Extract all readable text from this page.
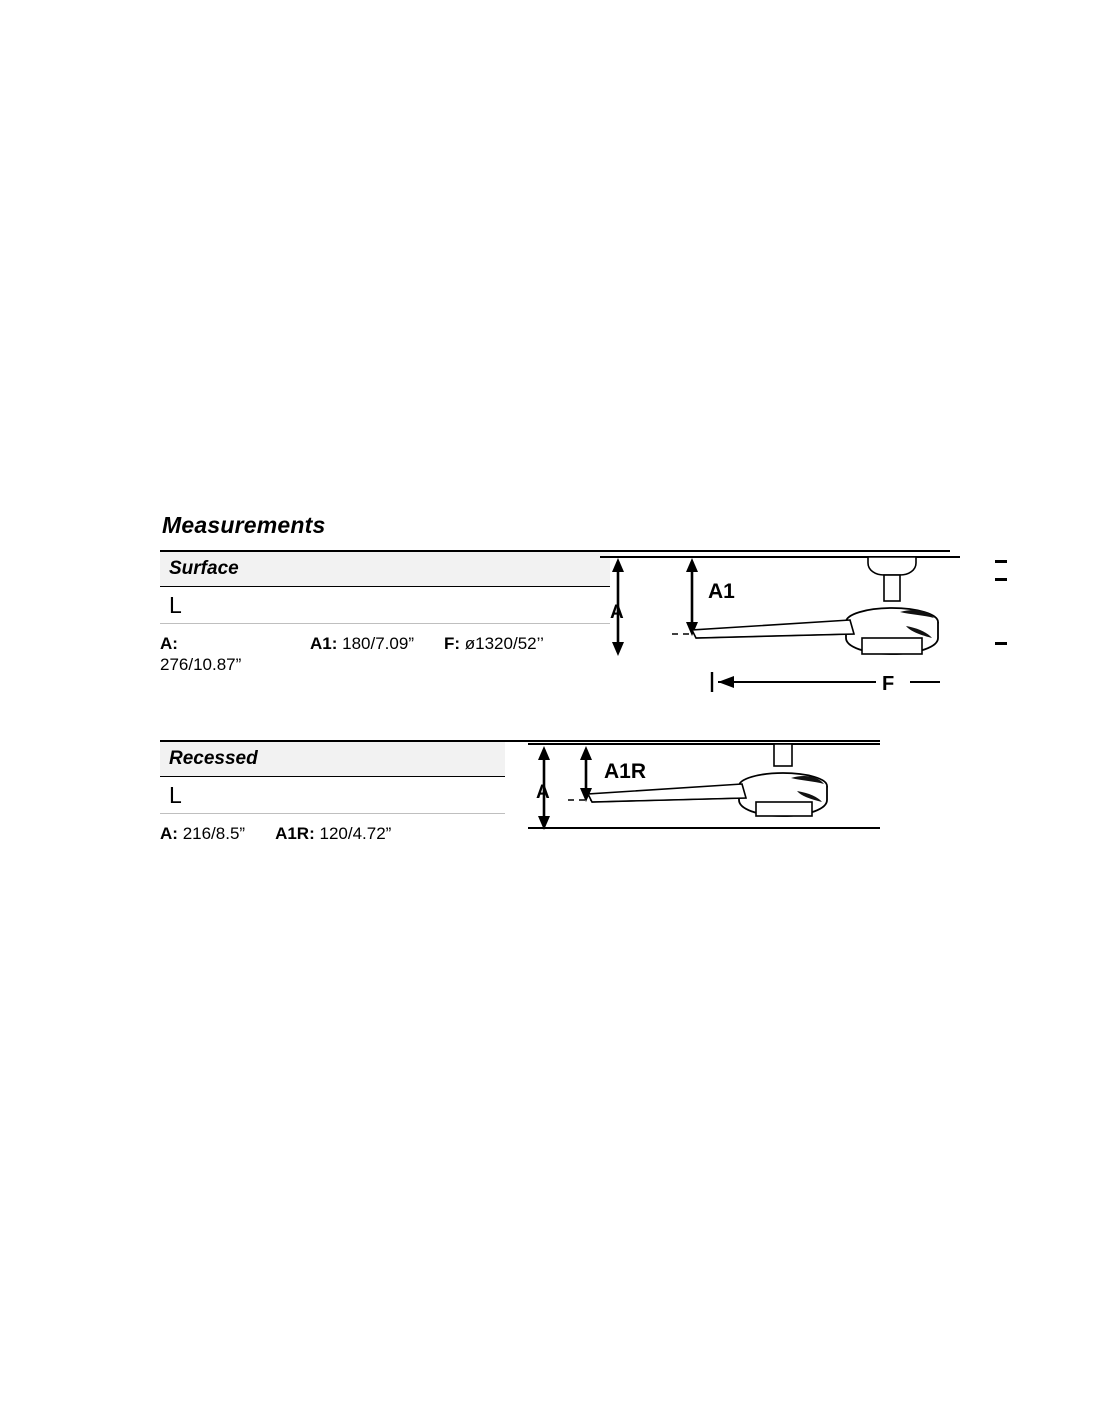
Measurements
Surface
L
A:
276/10.87”
A1: 180/7.09” F: ø1320/52’’
Recessed
L
A: 216/8.5” A1R: 120/4.72”
A
A1
F
A
A1R
